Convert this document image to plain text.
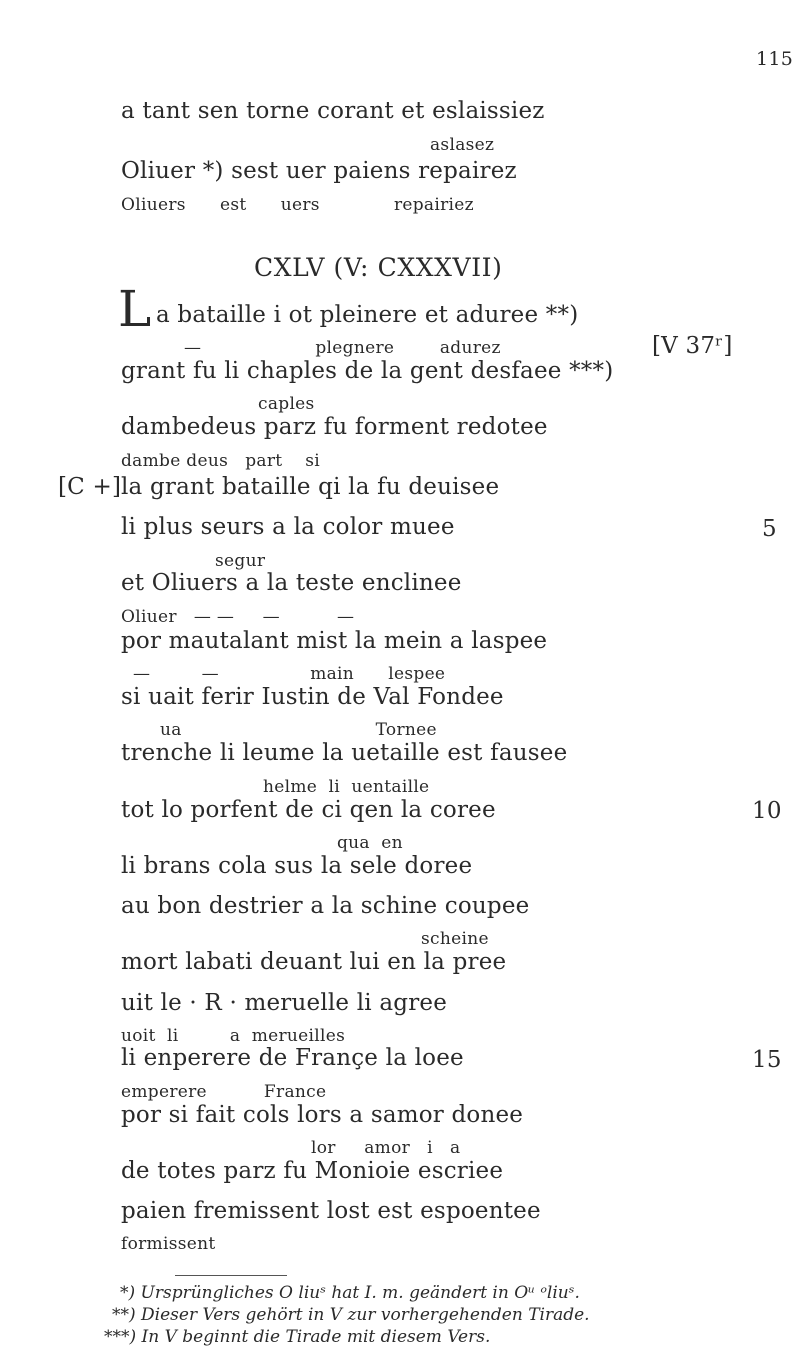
115
a tant sen torne corant et eslaissiez
aslasez
Oliuer *) sest uer paiens repairez
Oliuers      est      uers             repairiez
CXLV (V: CXXXVII)
L a bataille i ot pleinere et aduree **)
—                    plegnere        adurez	[V 37ʳ]
grant fu li chaples de la gent desfaee ***)
caples
dambedeus parz fu forment redotee
dambe deus   part    si
[C +] la grant bataille qi la fu deuisee
li plus seurs a la color muee	5
segur
et Oliuers a la teste enclinee
Oliuer   — —     —          —
por mautalant mist la mein a laspee
—         —                main      lespee
si uait ferir Iustin de Val Fondee
ua                                  Tornee
trenche li leume la uetaille est fausee
helme  li  uentaille
tot lo porfent de ci qen la coree	10
qua  en
li brans cola sus la sele doree
au bon destrier a la schine coupee
scheine
mort labati deuant lui en la pree
uit le · R · meruelle li agree
uoit  li         a  merueilles
li enperere de Françe la loee	15
emperere          France
por si fait cols lors a samor donee
lor     amor   i   a
de totes parz fu Monioie escriee
paien fremissent lost est espoentee
formissent
*) Ursprüngliches O liuˢ hat I. m. geändert in Oᵘ ᵒliuˢ.
**) Dieser Vers gehört in V zur vorhergehenden Tirade.
***) In V beginnt die Tirade mit diesem Vers.
